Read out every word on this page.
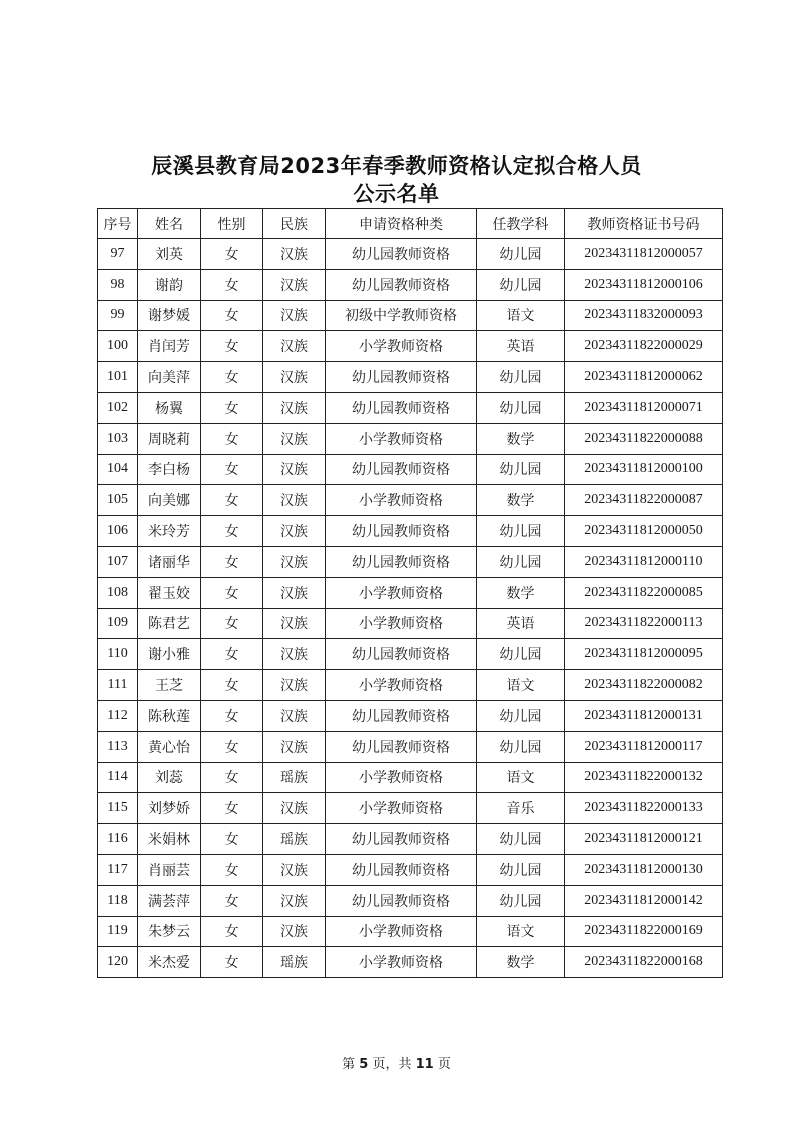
辰溪县教育局2023年春季教师资格认定拟合格人员
公示名单
序号	姓名	性别	民族	申请资格种类	任教学科	教师资格证书号码
97	刘英	女	汉族	幼儿园教师资格	幼儿园	20234311812000057
98	谢韵	女	汉族	幼儿园教师资格	幼儿园	20234311812000106
99	谢梦媛	女	汉族	初级中学教师资格	语文	20234311832000093
100	肖闰芳	女	汉族	小学教师资格	英语	20234311822000029
101	向美萍	女	汉族	幼儿园教师资格	幼儿园	20234311812000062
102	杨翼	女	汉族	幼儿园教师资格	幼儿园	20234311812000071
103	周晓莉	女	汉族	小学教师资格	数学	20234311822000088
104	李白杨	女	汉族	幼儿园教师资格	幼儿园	20234311812000100
105	向美娜	女	汉族	小学教师资格	数学	20234311822000087
106	米玲芳	女	汉族	幼儿园教师资格	幼儿园	20234311812000050
107	诸丽华	女	汉族	幼儿园教师资格	幼儿园	20234311812000110
108	翟玉姣	女	汉族	小学教师资格	数学	20234311822000085
109	陈君艺	女	汉族	小学教师资格	英语	20234311822000113
110	谢小雅	女	汉族	幼儿园教师资格	幼儿园	20234311812000095
111	王芝	女	汉族	小学教师资格	语文	20234311822000082
112	陈秋莲	女	汉族	幼儿园教师资格	幼儿园	20234311812000131
113	黄心怡	女	汉族	幼儿园教师资格	幼儿园	20234311812000117
114	刘蕊	女	瑶族	小学教师资格	语文	20234311822000132
115	刘梦娇	女	汉族	小学教师资格	音乐	20234311822000133
116	米娟林	女	瑶族	幼儿园教师资格	幼儿园	20234311812000121
117	肖丽芸	女	汉族	幼儿园教师资格	幼儿园	20234311812000130
118	满荟萍	女	汉族	幼儿园教师资格	幼儿园	20234311812000142
119	朱梦云	女	汉族	小学教师资格	语文	20234311822000169
120	米杰爱	女	瑶族	小学教师资格	数学	20234311822000168
第 5 页，共 11 页
